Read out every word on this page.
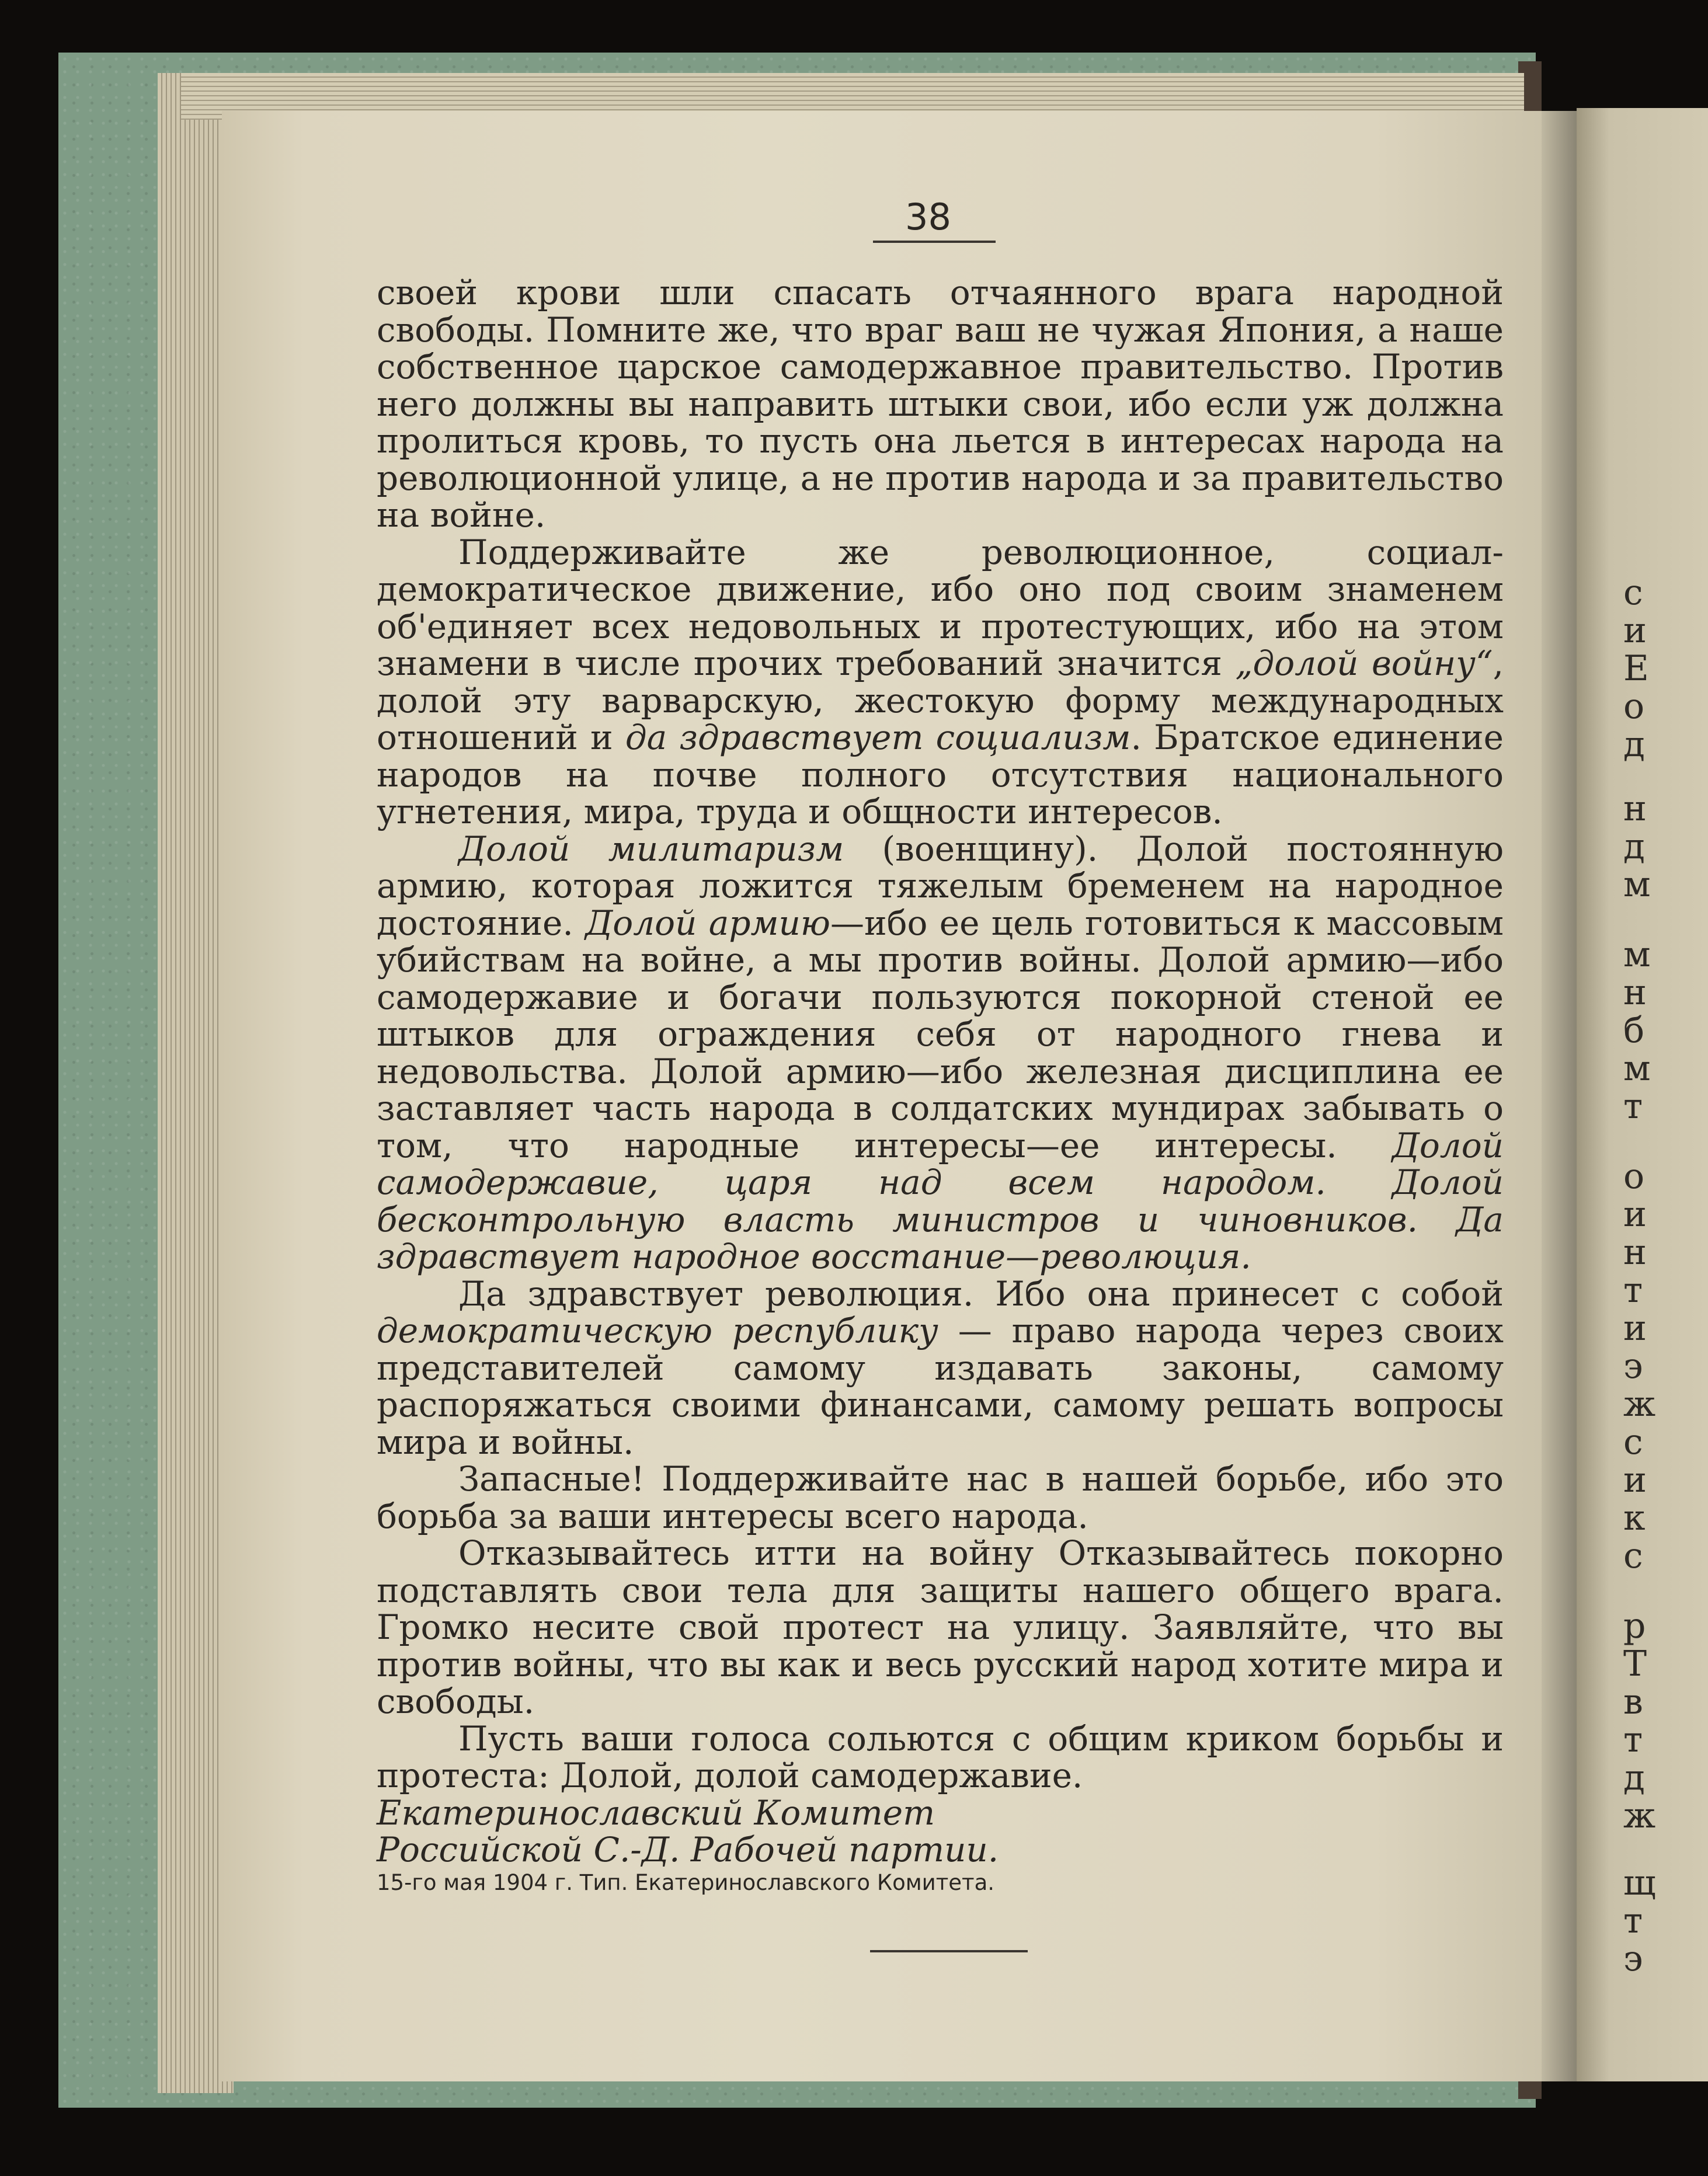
с
и
Е
о
д
н
д
м
м
н
б
м
т
о
и
н
т
и
э
ж
с
и
к
с
р
Т
в
т
д
ж
щ
т
э
38

своей крови шли спасать отчаянного врага народной свободы. Помните же, что враг ваш не чужая Япония, а наше собственное царское самодержавное правительство. Против него должны вы направить штыки свои, ибо если уж должна пролиться кровь, то пусть она льется в интересах народа на революционной улице, а не против народа и за правительство на войне.

Поддерживайте же революционное, социал-демократическое движение, ибо оно под своим знаменем об'единяет всех недовольных и протестующих, ибо на этом знамени в числе прочих требований значится „долой войну“, долой эту варварскую, жестокую форму международных отношений и да здравствует социализм. Братское единение народов на почве полного отсутствия национального угнетения, мира, труда и общности интересов.

Долой милитаризм (военщину). Долой постоянную армию, которая ложится тяжелым бременем на народное достояние. Долой армию—ибо ее цель готовиться к массовым убийствам на войне, а мы против войны. Долой армию—ибо самодержавие и богачи пользуются покорной стеной ее штыков для ограждения себя от народного гнева и недовольства. Долой армию—ибо железная дисциплина ее заставляет часть народа в солдатских мундирах забывать о том, что народные интересы—ее интересы. Долой самодержавие, царя над всем народом. Долой бесконтрольную власть министров и чиновников. Да здравствует народное восстание—революция.

Да здравствует революция. Ибо она принесет с собой демократическую республику — право народа через своих представителей самому издавать законы, самому распоряжаться своими финансами, самому решать вопросы мира и войны.

Запасные! Поддерживайте нас в нашей борьбе, ибо это борьба за ваши интересы всего народа.

Отказывайтесь итти на войну Отказывайтесь покорно подставлять свои тела для защиты нашего общего врага. Громко несите свой протест на улицу. Заявляйте, что вы против войны, что вы как и весь русский народ хотите мира и свободы.

Пусть ваши голоса сольются с общим криком борьбы и протеста: Долой, долой самодержавие.

Екатеринославский Комитет

Российской С.-Д. Рабочей партии.

15-го мая 1904 г. Тип. Екатеринославского Комитета.
